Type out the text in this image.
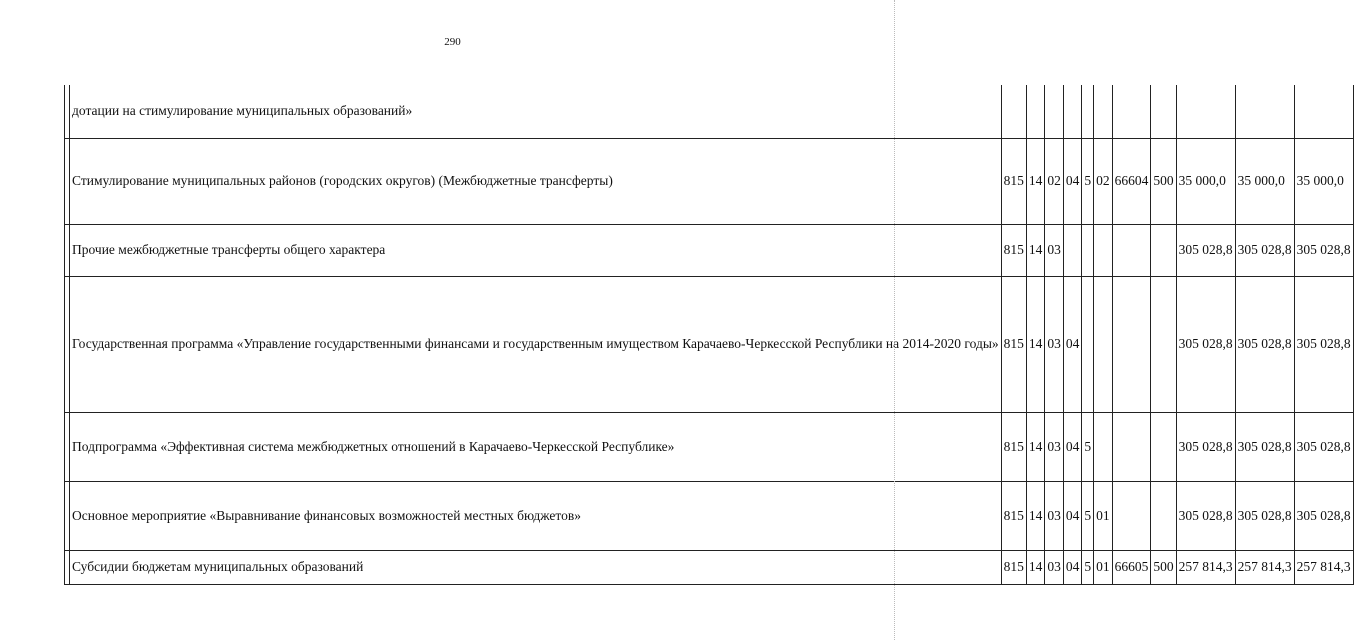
290
	дотации на стимулирование муниципальных образований»											
	Стимулирование муниципальных районов (городских округов) (Межбюджетные трансферты)	815	14	02	04	5	02	66604	500	35 000,0	35 000,0	35 000,0
	Прочие межбюджетные трансферты общего характера	815	14	03						305 028,8	305 028,8	305 028,8
	Государственная программа «Управление государственными финансами и государственным имуществом Карачаево-Черкесской Республики на 2014-2020 годы»	815	14	03	04					305 028,8	305 028,8	305 028,8
	Подпрограмма «Эффективная система межбюджетных отношений в Карачаево-Черкесской Республике»	815	14	03	04	5				305 028,8	305 028,8	305 028,8
	Основное мероприятие «Выравнивание финансовых возможностей местных бюджетов»	815	14	03	04	5	01			305 028,8	305 028,8	305 028,8
	Субсидии бюджетам муниципальных образований	815	14	03	04	5	01	66605	500	257 814,3	257 814,3	257 814,3
